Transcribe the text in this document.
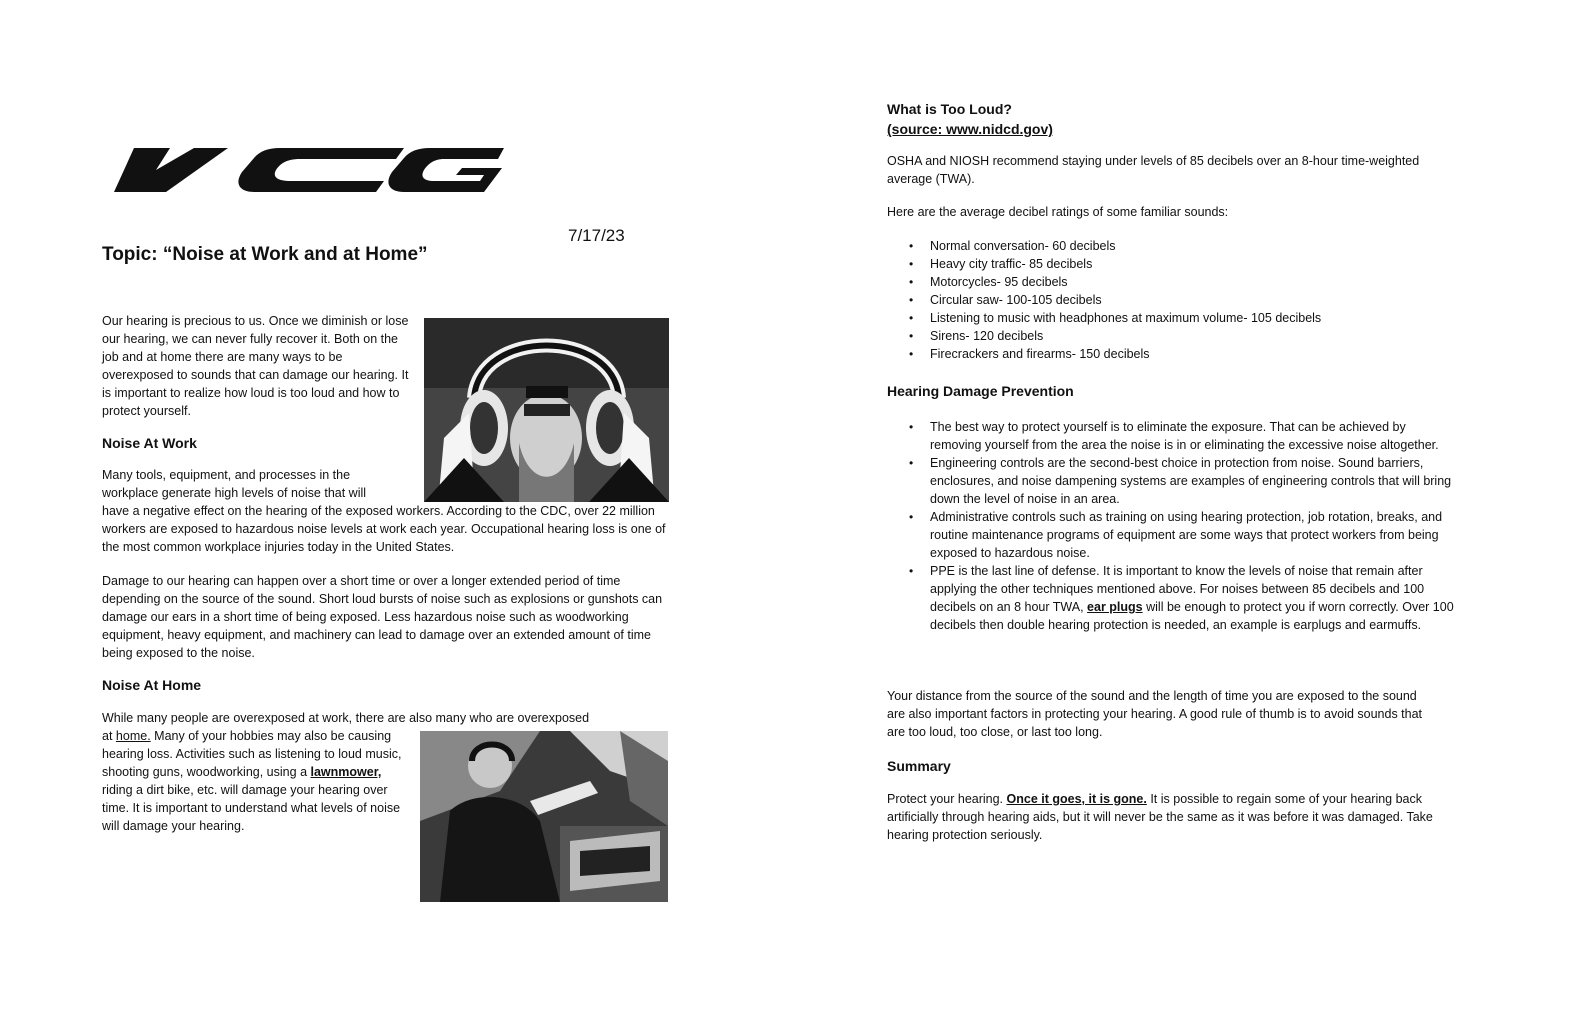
7/17/23
Topic: “Noise at Work and at Home”
Our hearing is precious to us. Once we diminish or lose our hearing, we can never fully recover it. Both on the job and at home there are many ways to be overexposed to sounds that can damage our hearing. It is important to realize how loud is too loud and how to protect yourself.
Noise At Work
Many tools, equipment, and processes in the workplace generate high levels of noise that will
have a negative effect on the hearing of the exposed workers. According to the CDC, over 22 million workers are exposed to hazardous noise levels at work each year. Occupational hearing loss is one of the most common workplace injuries today in the United States.
Damage to our hearing can happen over a short time or over a longer extended period of time depending on the source of the sound. Short loud bursts of noise such as explosions or gunshots can damage our ears in a short time of being exposed. Less hazardous noise such as woodworking equipment, heavy equipment, and machinery can lead to damage over an extended amount of time being exposed to the noise.
Noise At Home
While many people are overexposed at work, there are also many who are overexposed
at home. Many of your hobbies may also be causing hearing loss. Activities such as listening to loud music, shooting guns, woodworking, using a lawnmower, riding a dirt bike, etc. will damage your hearing over time. It is important to understand what levels of noise will damage your hearing.
What is Too Loud?
(source: www.nidcd.gov)
OSHA and NIOSH recommend staying under levels of 85 decibels over an 8-hour time-weighted average (TWA).
Here are the average decibel ratings of some familiar sounds:
• Normal conversation- 60 decibels
• Heavy city traffic- 85 decibels
• Motorcycles- 95 decibels
• Circular saw- 100-105 decibels
• Listening to music with headphones at maximum volume- 105 decibels
• Sirens- 120 decibels
• Firecrackers and firearms- 150 decibels
Hearing Damage Prevention
• The best way to protect yourself is to eliminate the exposure. That can be achieved by removing yourself from the area the noise is in or eliminating the excessive noise altogether.
• Engineering controls are the second-best choice in protection from noise. Sound barriers, enclosures, and noise dampening systems are examples of engineering controls that will bring down the level of noise in an area.
• Administrative controls such as training on using hearing protection, job rotation, breaks, and routine maintenance programs of equipment are some ways that protect workers from being exposed to hazardous noise.
• PPE is the last line of defense. It is important to know the levels of noise that remain after applying the other techniques mentioned above. For noises between 85 decibels and 100 decibels on an 8 hour TWA, ear plugs will be enough to protect you if worn correctly. Over 100 decibels then double hearing protection is needed, an example is earplugs and earmuffs.
Your distance from the source of the sound and the length of time you are exposed to the sound are also important factors in protecting your hearing. A good rule of thumb is to avoid sounds that are too loud, too close, or last too long.
Summary
Protect your hearing. Once it goes, it is gone. It is possible to regain some of your hearing back artificially through hearing aids, but it will never be the same as it was before it was damaged. Take hearing protection seriously.
